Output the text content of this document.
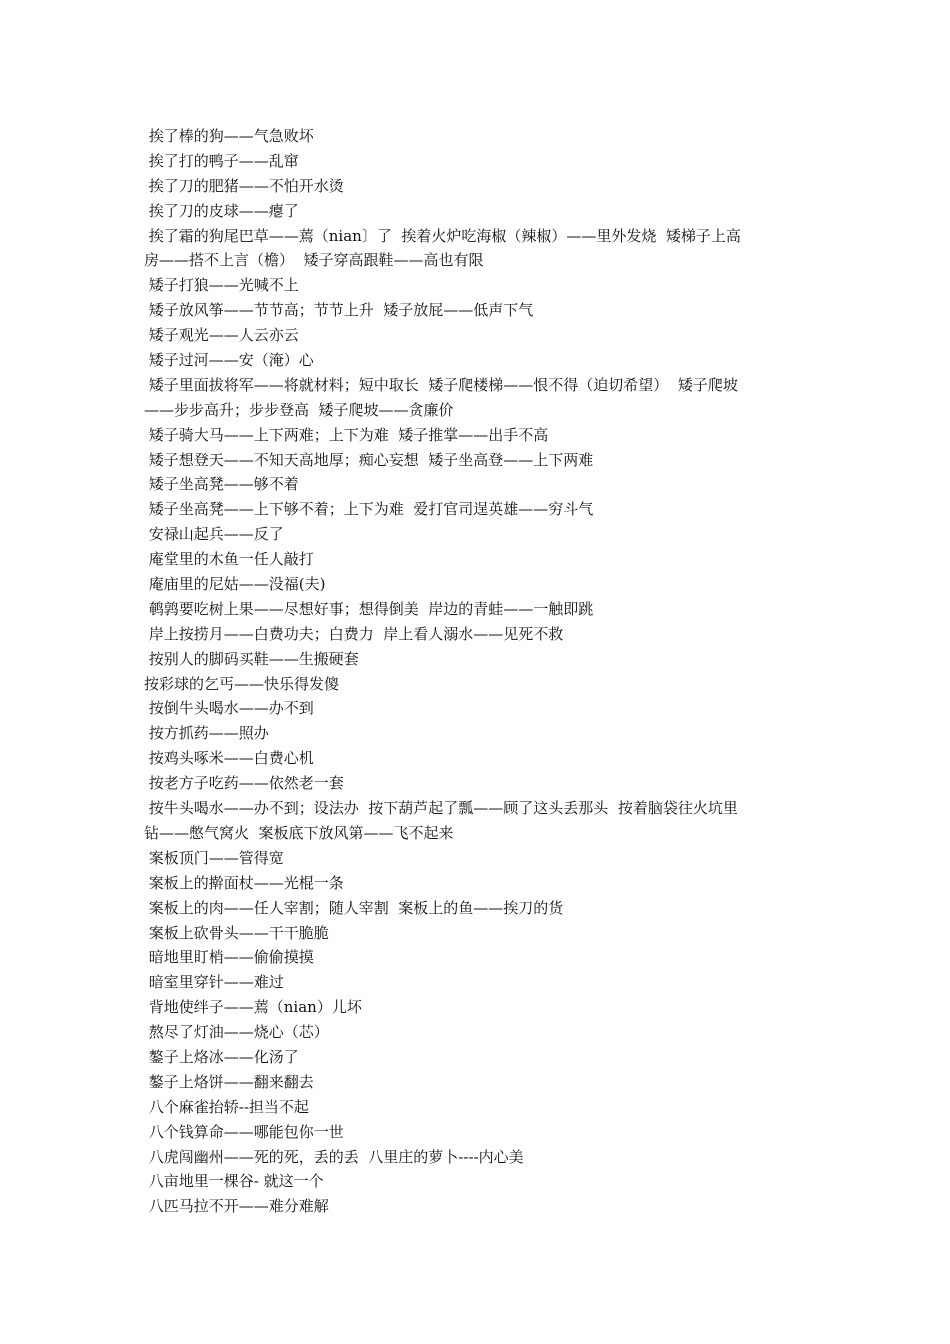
挨了棒的狗——气急败坏

挨了打的鸭子——乱窜

挨了刀的肥猪——不怕开水烫

挨了刀的皮球——瘪了

挨了霜的狗尾巴草——蔫（nian〕了  挨着火炉吃海椒（辣椒）——里外发烧  矮梯子上高

房——搭不上言（檐）  矮子穿高跟鞋——高也有限

矮子打狼——光喊不上

矮子放风筝——节节高；节节上升  矮子放屁——低声下气

矮子观光——人云亦云

矮子过河——安（淹）心

矮子里面拔将军——将就材料；短中取长  矮子爬楼梯——恨不得（迫切希望）  矮子爬坡

——步步高升；步步登高  矮子爬坡——贪廉价

矮子骑大马——上下两难；上下为难  矮子推掌——出手不高

矮子想登天——不知天高地厚；痴心妄想  矮子坐高登——上下两难

矮子坐高凳——够不着

矮子坐高凳——上下够不着；上下为难  爱打官司逞英雄——穷斗气

安禄山起兵——反了

庵堂里的木鱼一任人敲打

庵庙里的尼姑——没福(夫)

鹌鹑要吃树上果——尽想好事；想得倒美  岸边的青蛙——一触即跳

岸上按捞月——白费功夫；白费力  岸上看人溺水——见死不救

按别人的脚码买鞋——生搬硬套

按彩球的乞丐——快乐得发傻

按倒牛头喝水——办不到

按方抓药——照办

按鸡头啄米——白费心机

按老方子吃药——依然老一套

按牛头喝水——办不到；设法办  按下葫芦起了瓢——顾了这头丢那头  按着脑袋往火坑里

钻——憋气窝火  案板底下放风第——飞不起来

案板顶门——管得宽

案板上的擀面杖——光棍一条

案板上的肉——任人宰割；随人宰割  案板上的鱼——挨刀的货

案板上砍骨头——干干脆脆

暗地里盯梢——偷偷摸摸

暗室里穿针——难过

背地使绊子——蔫（nian）儿坏

熬尽了灯油——烧心（芯）

鏊子上烙冰——化汤了

鏊子上烙饼——翻来翻去

八个麻雀抬轿--担当不起

八个钱算命——哪能包你一世

八虎闯幽州——死的死，丢的丢  八里庄的萝卜----内心美

八亩地里一棵谷- 就这一个

八匹马拉不开——难分难解
